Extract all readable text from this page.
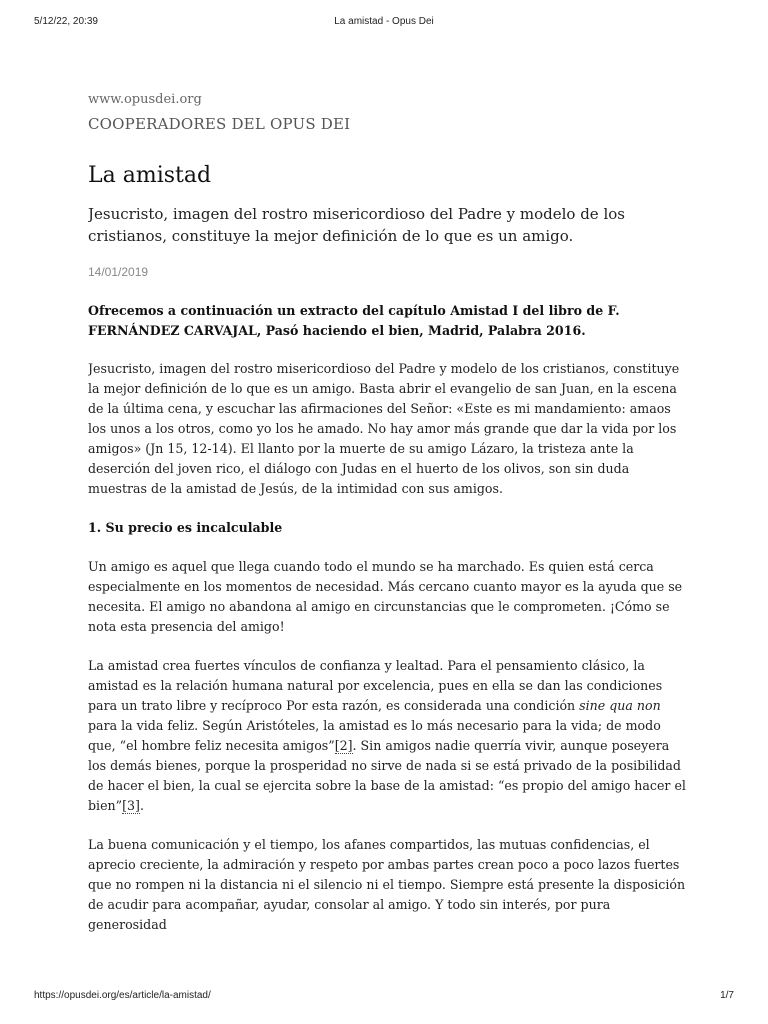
5/12/22, 20:39	La amistad - Opus Dei
www.opusdei.org
COOPERADORES DEL OPUS DEI
La amistad
Jesucristo, imagen del rostro misericordioso del Padre y modelo de los cristianos, constituye la mejor definición de lo que es un amigo.
14/01/2019
Ofrecemos a continuación un extracto del capítulo Amistad I del libro de F. FERNÁNDEZ CARVAJAL, Pasó haciendo el bien, Madrid, Palabra 2016.

Jesucristo, imagen del rostro misericordioso del Padre y modelo de los cristianos, constituye la mejor definición de lo que es un amigo. Basta abrir el evangelio de san Juan, en la escena de la última cena, y escuchar las afirmaciones del Señor: «Este es mi mandamiento: amaos los unos a los otros, como yo los he amado. No hay amor más grande que dar la vida por los amigos» (Jn 15, 12-14). El llanto por la muerte de su amigo Lázaro, la tristeza ante la deserción del joven rico, el diálogo con Judas en el huerto de los olivos, son sin duda muestras de la amistad de Jesús, de la intimidad con sus amigos.

1. Su precio es incalculable

Un amigo es aquel que llega cuando todo el mundo se ha marchado. Es quien está cerca especialmente en los momentos de necesidad. Más cercano cuanto mayor es la ayuda que se necesita. El amigo no abandona al amigo en circunstancias que le comprometen. ¡Cómo se nota esta presencia del amigo!

La amistad crea fuertes vínculos de confianza y lealtad. Para el pensamiento clásico, la amistad es la relación humana natural por excelencia, pues en ella se dan las condiciones para un trato libre y recíproco Por esta razón, es considerada una condición sine qua non para la vida feliz. Según Aristóteles, la amistad es lo más necesario para la vida; de modo que, “el hombre feliz necesita amigos”[2]. Sin amigos nadie querría vivir, aunque poseyera los demás bienes, porque la prosperidad no sirve de nada si se está privado de la posibilidad de hacer el bien, la cual se ejercita sobre la base de la amistad: “es propio del amigo hacer el bien”[3].

La buena comunicación y el tiempo, los afanes compartidos, las mutuas confidencias, el aprecio creciente, la admiración y respeto por ambas partes crean poco a poco lazos fuertes que no rompen ni la distancia ni el silencio ni el tiempo. Siempre está presente la disposición de acudir para acompañar, ayudar, consolar al amigo. Y todo sin interés, por pura generosidad

https://opusdei.org/es/article/la-amistad/	1/7
